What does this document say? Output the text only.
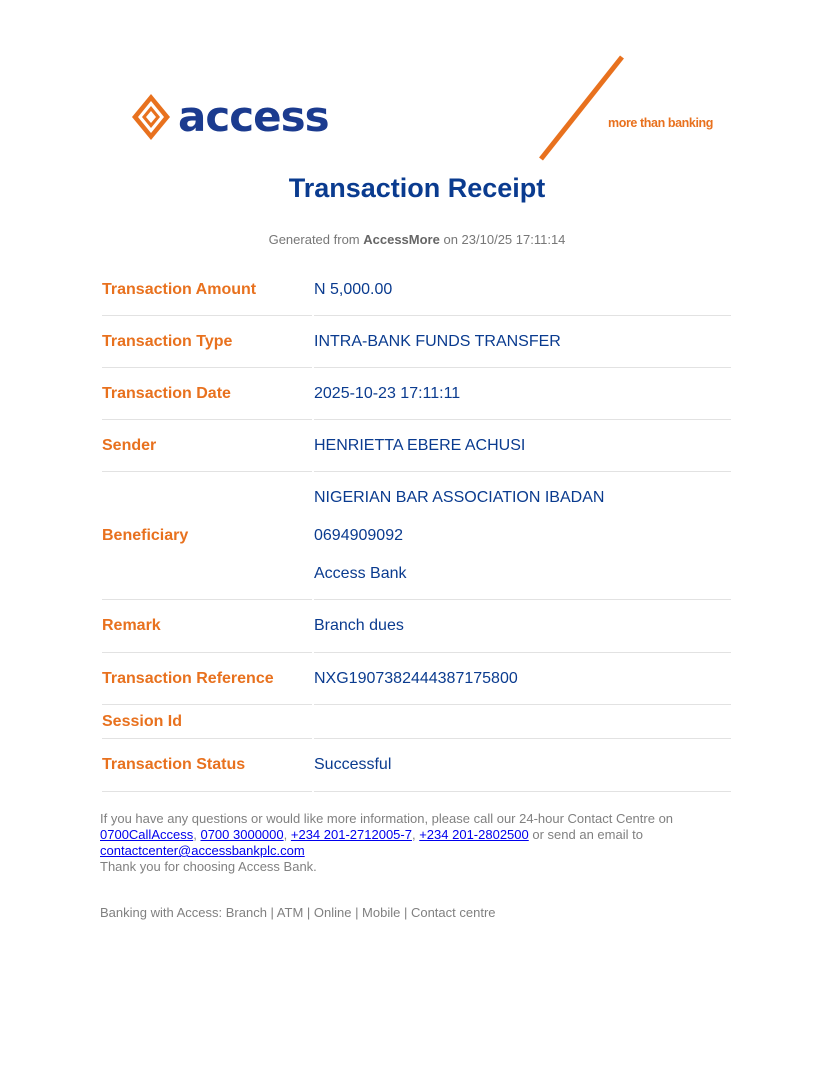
access	more than banking
Transaction Receipt
Generated from AccessMore on 23/10/25 17:11:14
Transaction Amount	N 5,000.00
Transaction Type	INTRA-BANK FUNDS TRANSFER
Transaction Date	2025-10-23 17:11:11
Sender	HENRIETTA EBERE ACHUSI
Beneficiary	NIGERIAN BAR ASSOCIATION IBADAN
0694909092
Access Bank

Remark	Branch dues
Transaction Reference	NXG1907382444387175800
Session Id	
Transaction Status	Successful
If you have any questions or would like more information, please call our 24-hour Contact Centre on
0700CallAccess, 0700 3000000, +234 201-2712005-7, +234 201-2802500 or send an email to
contactcenter@accessbankplc.com
Thank you for choosing Access Bank.
Banking with Access: Branch | ATM | Online | Mobile | Contact centre
